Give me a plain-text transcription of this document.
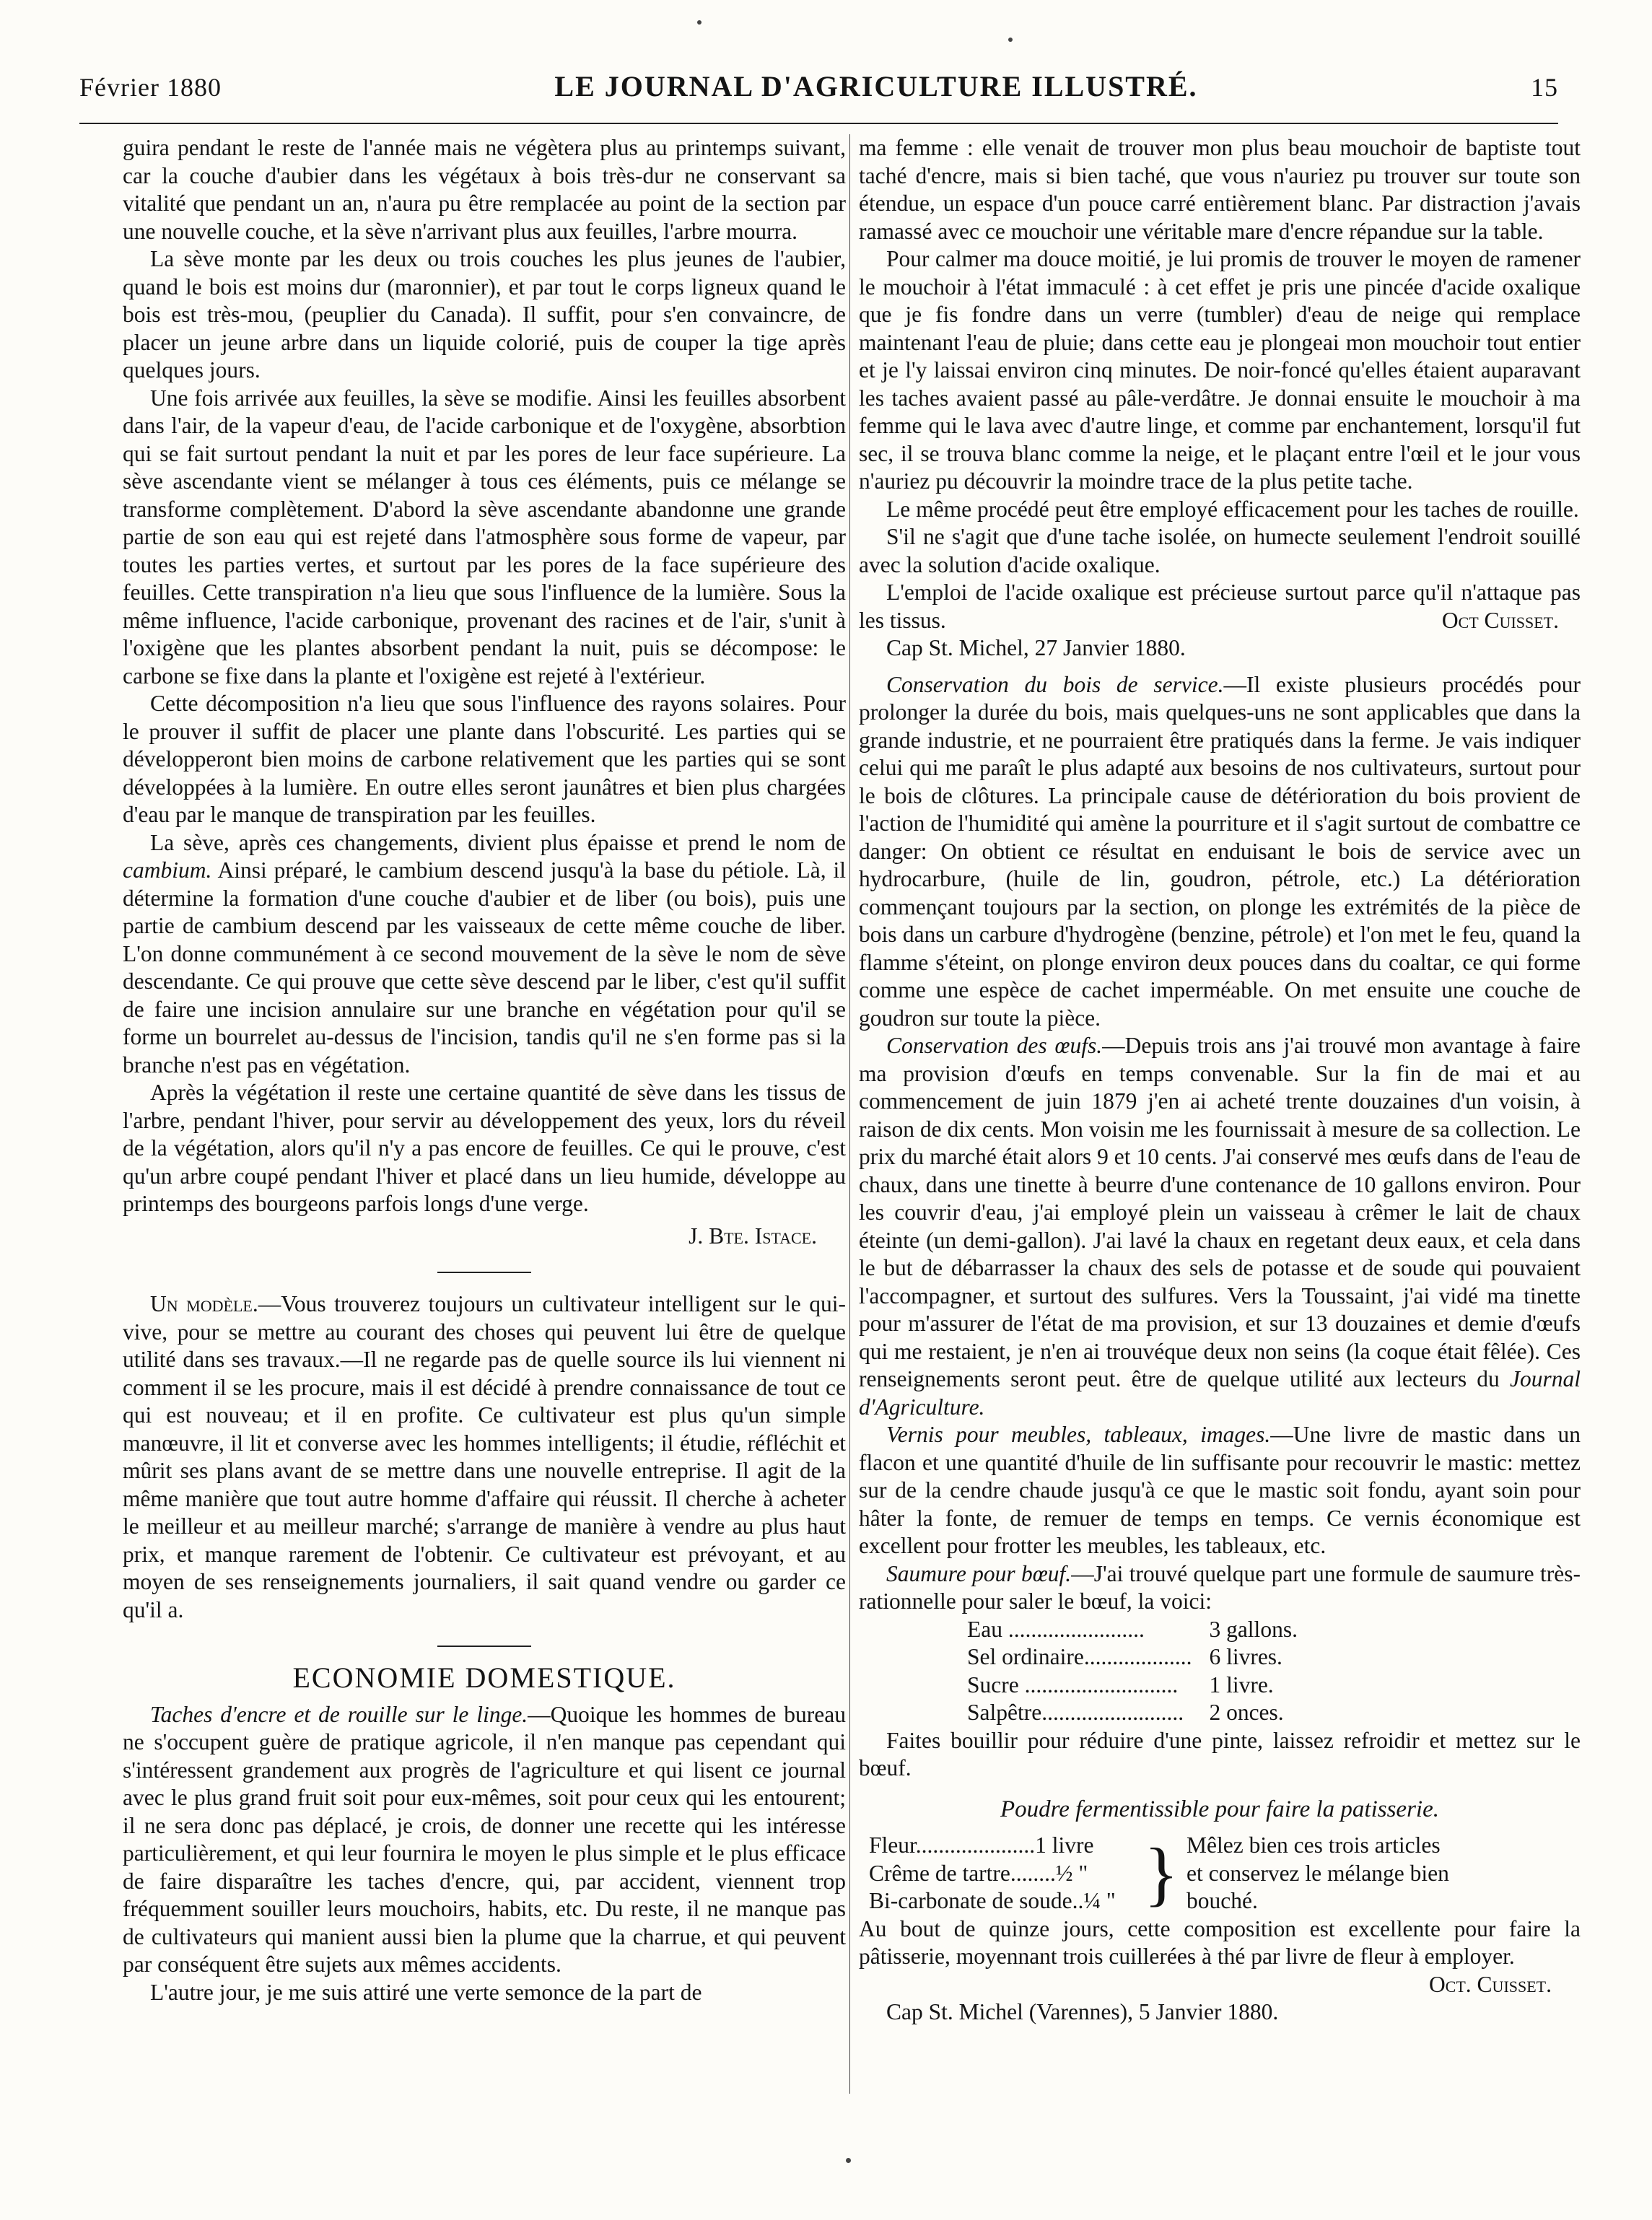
Février 1880	LE JOURNAL D'AGRICULTURE ILLUSTRÉ.	15

guira pendant le reste de l'année mais ne végètera plus au printemps suivant, car la couche d'aubier dans les végétaux à bois très-dur ne conservant sa vitalité que pendant un an, n'aura pu être remplacée au point de la section par une nouvelle couche, et la sève n'arrivant plus aux feuilles, l'arbre mourra.

La sève monte par les deux ou trois couches les plus jeunes de l'aubier, quand le bois est moins dur (maronnier), et par tout le corps ligneux quand le bois est très-mou, (peuplier du Canada). Il suffit, pour s'en convaincre, de placer un jeune arbre dans un liquide colorié, puis de couper la tige après quelques jours.

Une fois arrivée aux feuilles, la sève se modifie. Ainsi les feuilles absorbent dans l'air, de la vapeur d'eau, de l'acide carbonique et de l'oxygène, absorbtion qui se fait surtout pendant la nuit et par les pores de leur face supérieure. La sève ascendante vient se mélanger à tous ces éléments, puis ce mélange se transforme complètement. D'abord la sève ascendante abandonne une grande partie de son eau qui est rejeté dans l'atmosphère sous forme de vapeur, par toutes les parties vertes, et surtout par les pores de la face supérieure des feuilles. Cette transpiration n'a lieu que sous l'influence de la lumière. Sous la même influence, l'acide carbonique, provenant des racines et de l'air, s'unit à l'oxigène que les plantes absorbent pendant la nuit, puis se décompose: le carbone se fixe dans la plante et l'oxigène est rejeté à l'extérieur.

Cette décomposition n'a lieu que sous l'influence des rayons solaires. Pour le prouver il suffit de placer une plante dans l'obscurité. Les parties qui se développeront bien moins de carbone relativement que les parties qui se sont développées à la lumière. En outre elles seront jaunâtres et bien plus chargées d'eau par le manque de transpiration par les feuilles.

La sève, après ces changements, divient plus épaisse et prend le nom de cambium. Ainsi préparé, le cambium descend jusqu'à la base du pétiole. Là, il détermine la formation d'une couche d'aubier et de liber (ou bois), puis une partie de cambium descend par les vaisseaux de cette même couche de liber. L'on donne communément à ce second mouvement de la sève le nom de sève descendante. Ce qui prouve que cette sève descend par le liber, c'est qu'il suffit de faire une incision annulaire sur une branche en végétation pour qu'il se forme un bourrelet au-dessus de l'incision, tandis qu'il ne s'en forme pas si la branche n'est pas en végétation.

Après la végétation il reste une certaine quantité de sève dans les tissus de l'arbre, pendant l'hiver, pour servir au développement des yeux, lors du réveil de la végétation, alors qu'il n'y a pas encore de feuilles. Ce qui le prouve, c'est qu'un arbre coupé pendant l'hiver et placé dans un lieu humide, développe au printemps des bourgeons parfois longs d'une verge.

J. Bte. Istace.

Un modèle.—Vous trouverez toujours un cultivateur intelligent sur le qui-vive, pour se mettre au courant des choses qui peuvent lui être de quelque utilité dans ses travaux.—Il ne regarde pas de quelle source ils lui viennent ni comment il se les procure, mais il est décidé à prendre connaissance de tout ce qui est nouveau; et il en profite. Ce cultivateur est plus qu'un simple manœuvre, il lit et converse avec les hommes intelligents; il étudie, réfléchit et mûrit ses plans avant de se mettre dans une nouvelle entreprise. Il agit de la même manière que tout autre homme d'affaire qui réussit. Il cherche à acheter le meilleur et au meilleur marché; s'arrange de manière à vendre au plus haut prix, et manque rarement de l'obtenir. Ce cultivateur est prévoyant, et au moyen de ses renseignements journaliers, il sait quand vendre ou garder ce qu'il a.

ECONOMIE DOMESTIQUE.

Taches d'encre et de rouille sur le linge.—Quoique les hommes de bureau ne s'occupent guère de pratique agricole, il n'en manque pas cependant qui s'intéressent grandement aux progrès de l'agriculture et qui lisent ce journal avec le plus grand fruit soit pour eux-mêmes, soit pour ceux qui les entourent; il ne sera donc pas déplacé, je crois, de donner une recette qui les intéresse particulièrement, et qui leur fournira le moyen le plus simple et le plus efficace de faire disparaître les taches d'encre, qui, par accident, viennent trop fréquemment souiller leurs mouchoirs, habits, etc. Du reste, il ne manque pas de cultivateurs qui manient aussi bien la plume que la charrue, et qui peuvent par conséquent être sujets aux mêmes accidents.

L'autre jour, je me suis attiré une verte semonce de la part de

ma femme : elle venait de trouver mon plus beau mouchoir de baptiste tout taché d'encre, mais si bien taché, que vous n'auriez pu trouver sur toute son étendue, un espace d'un pouce carré entièrement blanc. Par distraction j'avais ramassé avec ce mouchoir une véritable mare d'encre répandue sur la table.

Pour calmer ma douce moitié, je lui promis de trouver le moyen de ramener le mouchoir à l'état immaculé : à cet effet je pris une pincée d'acide oxalique que je fis fondre dans un verre (tumbler) d'eau de neige qui remplace maintenant l'eau de pluie; dans cette eau je plongeai mon mouchoir tout entier et je l'y laissai environ cinq minutes. De noir-foncé qu'elles étaient auparavant les taches avaient passé au pâle-verdâtre. Je donnai ensuite le mouchoir à ma femme qui le lava avec d'autre linge, et comme par enchantement, lorsqu'il fut sec, il se trouva blanc comme la neige, et le plaçant entre l'œil et le jour vous n'auriez pu découvrir la moindre trace de la plus petite tache.

Le même procédé peut être employé efficacement pour les taches de rouille.

S'il ne s'agit que d'une tache isolée, on humecte seulement l'endroit souillé avec la solution d'acide oxalique.

L'emploi de l'acide oxalique est précieuse surtout parce qu'il n'attaque pas les tissus.	Oct Cuisset.

Cap St. Michel, 27 Janvier 1880.

Conservation du bois de service.—Il existe plusieurs procédés pour prolonger la durée du bois, mais quelques-uns ne sont applicables que dans la grande industrie, et ne pourraient être pratiqués dans la ferme. Je vais indiquer celui qui me paraît le plus adapté aux besoins de nos cultivateurs, surtout pour le bois de clôtures. La principale cause de détérioration du bois provient de l'action de l'humidité qui amène la pourriture et il s'agit surtout de combattre ce danger: On obtient ce résultat en enduisant le bois de service avec un hydrocarbure, (huile de lin, goudron, pétrole, etc.) La détérioration commençant toujours par la section, on plonge les extrémités de la pièce de bois dans un carbure d'hydrogène (benzine, pétrole) et l'on met le feu, quand la flamme s'éteint, on plonge environ deux pouces dans du coaltar, ce qui forme comme une espèce de cachet imperméable. On met ensuite une couche de goudron sur toute la pièce.

Conservation des œufs.—Depuis trois ans j'ai trouvé mon avantage à faire ma provision d'œufs en temps convenable. Sur la fin de mai et au commencement de juin 1879 j'en ai acheté trente douzaines d'un voisin, à raison de dix cents. Mon voisin me les fournissait à mesure de sa collection. Le prix du marché était alors 9 et 10 cents. J'ai conservé mes œufs dans de l'eau de chaux, dans une tinette à beurre d'une contenance de 10 gallons environ. Pour les couvrir d'eau, j'ai employé plein un vaisseau à crêmer le lait de chaux éteinte (un demi-gallon). J'ai lavé la chaux en regetant deux eaux, et cela dans le but de débarrasser la chaux des sels de potasse et de soude qui pouvaient l'accompagner, et surtout des sulfures. Vers la Toussaint, j'ai vidé ma tinette pour m'assurer de l'état de ma provision, et sur 13 douzaines et demie d'œufs qui me restaient, je n'en ai trouvéque deux non seins (la coque était fêlée). Ces renseignements seront peut. être de quelque utilité aux lecteurs du Journal d'Agriculture.

Vernis pour meubles, tableaux, images.—Une livre de mastic dans un flacon et une quantité d'huile de lin suffisante pour recouvrir le mastic: mettez sur de la cendre chaude jusqu'à ce que le mastic soit fondu, ayant soin pour hâter la fonte, de remuer de temps en temps. Ce vernis économique est excellent pour frotter les meubles, les tableaux, etc.

Saumure pour bœuf.—J'ai trouvé quelque part une formule de saumure très-rationnelle pour saler le bœuf, la voici:

Eau ........................	3 gallons.
Sel ordinaire...................	6 livres.
Sucre ...........................	1 livre.
Salpêtre.........................	2 onces.

Faites bouillir pour réduire d'une pinte, laissez refroidir et mettez sur le bœuf.

Poudre fermentissible pour faire la patisserie.

Fleur.....................1 livre
Crême de tartre........½ "
Bi-carbonate de soude..¼ " } Mêlez bien ces trois articles
et conservez le mélange bien
bouché.

Au bout de quinze jours, cette composition est excellente pour faire la pâtisserie, moyennant trois cuillerées à thé par livre de fleur à employer.

Oct. Cuisset.

Cap St. Michel (Varennes), 5 Janvier 1880.
